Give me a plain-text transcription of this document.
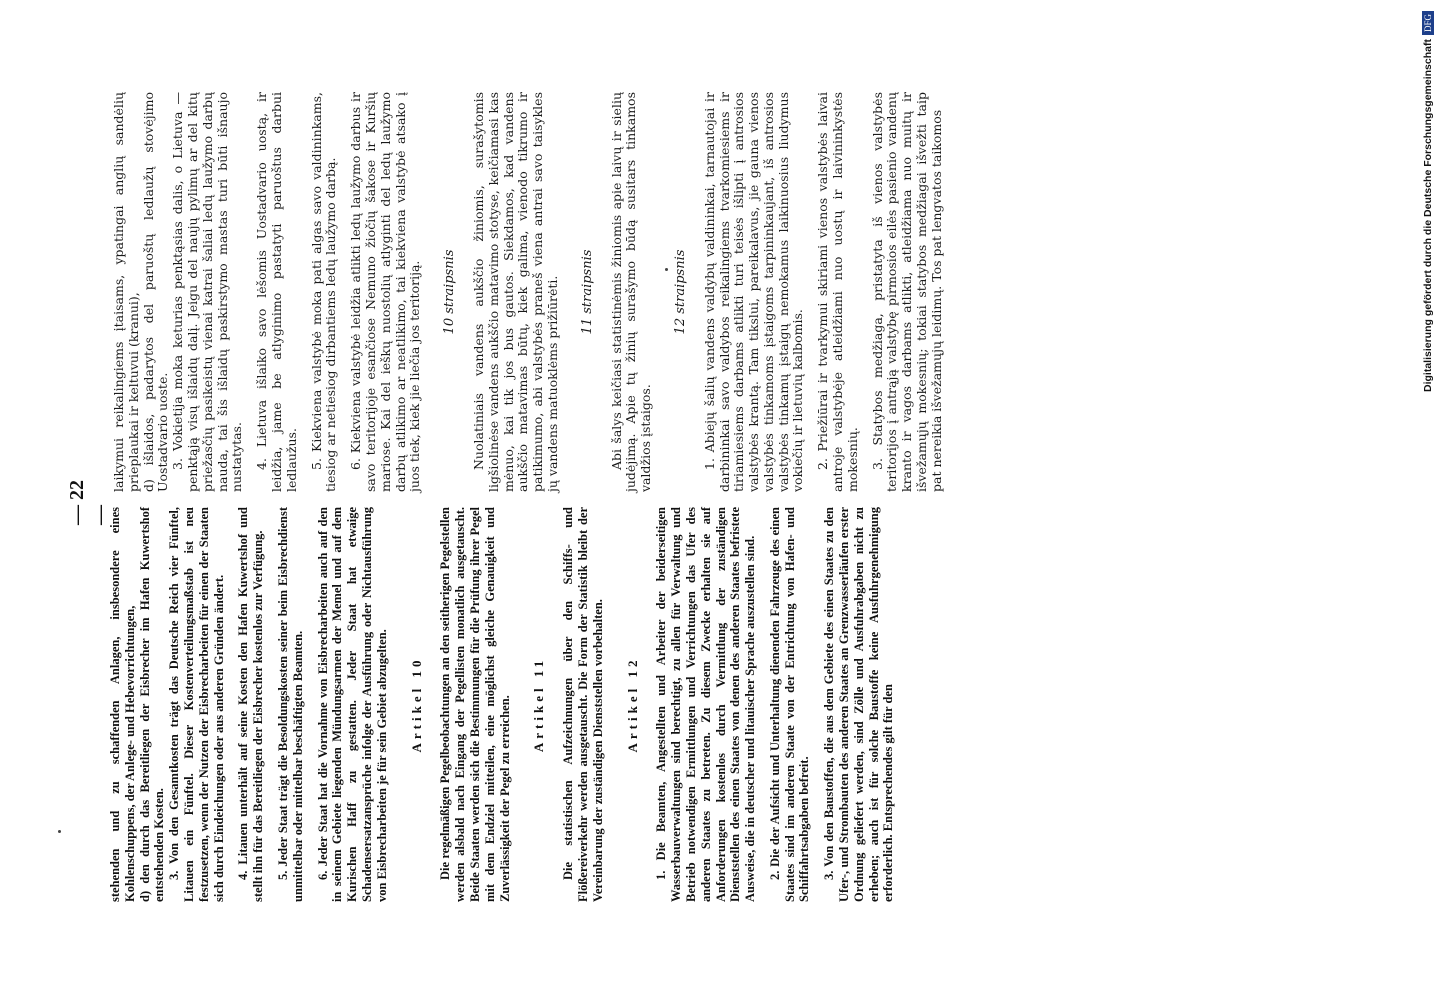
— 22 —
Digitalisierung gefördert durch die Deutsche ForschungsgemeinschaftDFG

laikymui reikalingiems įtaisams, ypatingai anglių sandėlių prieplaukai ir keltuvui (kranui), d) išlaidos, padarytos del paruoštų ledlaužų stovėjimo Uostadvario uoste. 3. Vokietija moka keturias penktąsias dalis, o Lietuva — penktąją visų išlaidų dalį. Jeigu del naujų pylimų ar del kitų priežasčių pasikeistų vienai katrai šaliai ledų laužymo darbų nauda, tai šis išlaidų paskirstymo mastas turi būti išnaujo nustatytas. 4. Lietuva išlaiko savo lėšomis Uostadvario uostą, ir leidžia, jame be atlyginimo pastatyti paruoštus darbui ledlaužus. 5. Kiekviena valstybė moka pati algas savo valdininkams, tiesiog ar netiesiog dirbantiems ledų laužymo darbą. 6. Kiekviena valstybė leidžia atlikti ledų laužymo darbus ir savo teritorijoje esančiose Nemuno žiočių šakose ir Kuršių mariose. Kai del ieškų nuostolių atlyginti del ledų laužymo darbų atlikimo ar neatlikimo, tai kiekviena valstybė atsako į juos tiek, kiek jie liečia jos teritoriją. 10 straipsnis Nuolatiniais vandens aukščio žiniomis, surašytomis ligšiolinėse vandens aukščio matavimo stotyse, keičiamasi kas mėnuo, kai tik jos bus gautos. Siekdamos, kad vandens aukščio matavimas būtų, kiek galima, vienodo tikrumo ir patikimumo, abi valstybės praneš viena antrai savo taisykles jų vandens matuoklėms prižiūrėti. 11 straipsnis Abi šalys keičiasi statistinėmis žiniomis apie laivų ir sielių judėjimą. Apie tų žinių surašymo būdą susitars tinkamos valdžios įstaigos.

12 straipsnis 1. Abiejų šalių vandens valdybų valdininkai, tarnautojai ir darbininkai savo valdybos reikalingiems tvarkomiesiems ir tiriamiesiems darbams atlikti turi teisės išlipti į antrosios valstybės krantą. Tam tikslui, pareikalavus, jie gauna vienos valstybės tinkamoms įstaigoms tarpininkaujant, iš antrosios valstybės tinkamų įstaigų nemokamus laikinuosius liudymus vokiečių ir lietuvių kalbomis. 2. Priežiūrai ir tvarkymui skiriami vienos valstybės laivai antroje valstybėje atleidžiami nuo uostų ir laivininkystės mokesnių. 3. Statybos medžiaga, pristatyta iš vienos valstybės teritorijos į antrąją valstybę pirmosios eilės pasienio vandenų kranto ir vagos darbams atlikti, atleidžiama nuo muitų ir išvežamųjų mokesnių; tokiai statybos medžiagai išvežti taip pat nereikia išvežamųjų leidimų. Tos pat lengvatos taikomos

stehenden und zu schaffenden Anlagen, insbesondere eines Kohlenschuppens, der Anlege- und Hebevorrichtungen, d) den durch das Bereitliegen der Eisbrecher im Hafen Kuwertshof entstehenden Kosten. 3. Von den Gesamtkosten trägt das Deutsche Reich vier Fünftel, Litauen ein Fünftel. Dieser Kostenverteilungsmaßstab ist neu festzusetzen, wenn der Nutzen der Eisbrecharbeiten für einen der Staaten sich durch Eindeichungen oder aus anderen Gründen ändert. 4. Litauen unterhält auf seine Kosten den Hafen Kuwertshof und stellt ihn für das Bereitliegen der Eisbrecher kostenlos zur Verfügung. 5. Jeder Staat trägt die Besoldungskosten seiner beim Eisbrechdienst unmittelbar oder mittelbar beschäftigten Beamten. 6. Jeder Staat hat die Vornahme von Eisbrecharbeiten auch auf den in seinem Gebiete liegenden Mündungsarmen der Memel und auf dem Kurischen Haff zu gestatten. Jeder Staat hat etwaige Schadensersatzansprüche infolge der Ausführung oder Nichtausführung von Eisbrecharbeiten je für sein Gebiet abzugelten. Artikel 10 Die regelmäßigen Pegelbeobachtungen an den seitherigen Pegelstellen werden alsbald nach Eingang der Pegellisten monatlich ausgetauscht. Beide Staaten werden sich die Bestimmungen für die Prüfung ihrer Pegel mit dem Endziel mitteilen, eine möglichst gleiche Genauigkeit und Zuverlässigkeit der Pegel zu erreichen. Artikel 11 Die statistischen Aufzeichnungen über den Schiffs- und Flößereiverkehr werden ausgetauscht. Die Form der Statistik bleibt der Vereinbarung der zuständigen Dienststellen vorbehalten. Artikel 12 1. Die Beamten, Angestellten und Arbeiter der beiderseitigen Wasserbauverwaltungen sind berechtigt, zu allen für Verwaltung und Betrieb notwendigen Ermittlungen und Verrichtungen das Ufer des anderen Staates zu betreten. Zu diesem Zwecke erhalten sie auf Anforderungen kostenlos durch Vermittlung der zuständigen Dienststellen des einen Staates von denen des anderen Staates befristete Ausweise, die in deutscher und litauischer Sprache auszustellen sind. 2. Die der Aufsicht und Unterhaltung dienenden Fahrzeuge des einen Staates sind im anderen Staate von der Entrichtung von Hafen- und Schiffahrtsabgaben befreit. 3. Von den Baustoffen, die aus dem Gebiete des einen Staates zu den Ufer-, und Strombauten des anderen Staates an Grenzwasserläufen erster Ordnung geliefert werden, sind Zölle und Ausfuhrabgaben nicht zu erheben; auch ist für solche Baustoffe keine Ausfuhrgenehmigung erforderlich. Entsprechendes gilt für den
